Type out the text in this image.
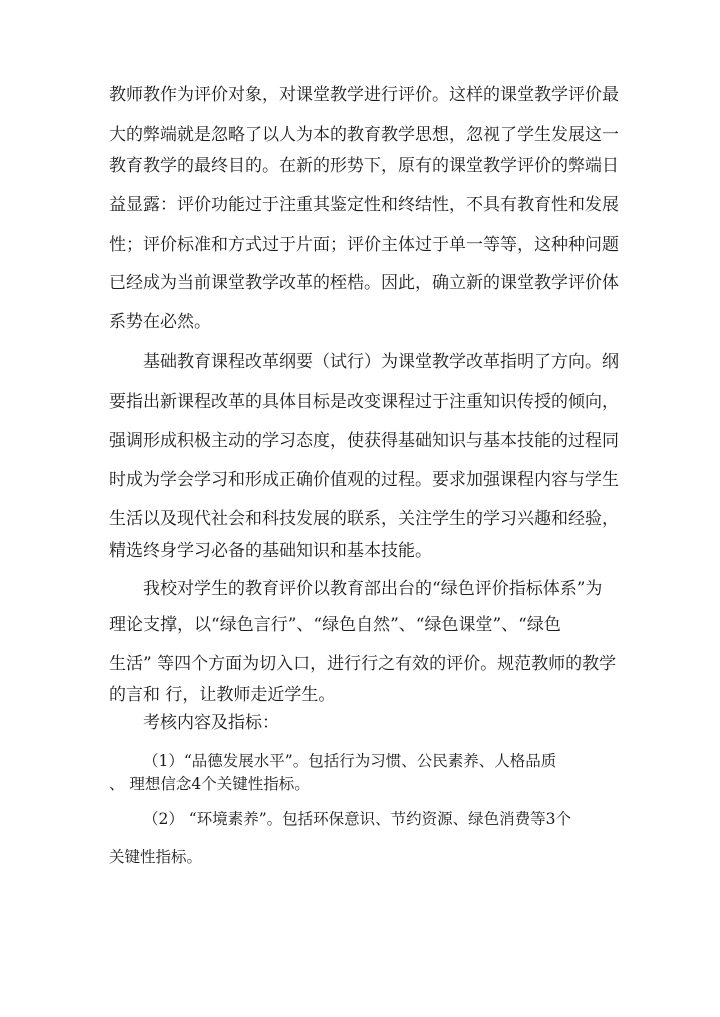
教师教作为评价对象，对课堂教学进行评价。这样的课堂教学评价最
大的弊端就是忽略了以人为本的教育教学思想，忽视了学生发展这一
教育教学的最终目的。在新的形势下，原有的课堂教学评价的弊端日
益显露：评价功能过于注重其鉴定性和终结性，不具有教育性和发展
性；评价标准和方式过于片面；评价主体过于单一等等，这种种问题
已经成为当前课堂教学改革的桎梏。因此，确立新的课堂教学评价体
系势在必然。
基础教育课程改革纲要（试行）为课堂教学改革指明了方向。纲
要指出新课程改革的具体目标是改变课程过于注重知识传授的倾向，
强调形成积极主动的学习态度，使获得基础知识与基本技能的过程同
时成为学会学习和形成正确价值观的过程。要求加强课程内容与学生
生活以及现代社会和科技发展的联系，关注学生的学习兴趣和经验，
精选终身学习必备的基础知识和基本技能。
我校对学生的教育评价以教育部出台的“绿色评价指标体系”为
理论支撑，以“绿色言行”、“绿色自然”、“绿色课堂”、“绿色
生活” 等四个方面为切入口，进行行之有效的评价。规范教师的教学
的言和 行，让教师走近学生。
考核内容及指标：
（1）“品德发展水平”。包括行为习惯、公民素养、人格品质
、 理想信念4个关键性指标。
（2） “环境素养”。包括环保意识、节约资源、绿色消费等3个
关键性指标。
